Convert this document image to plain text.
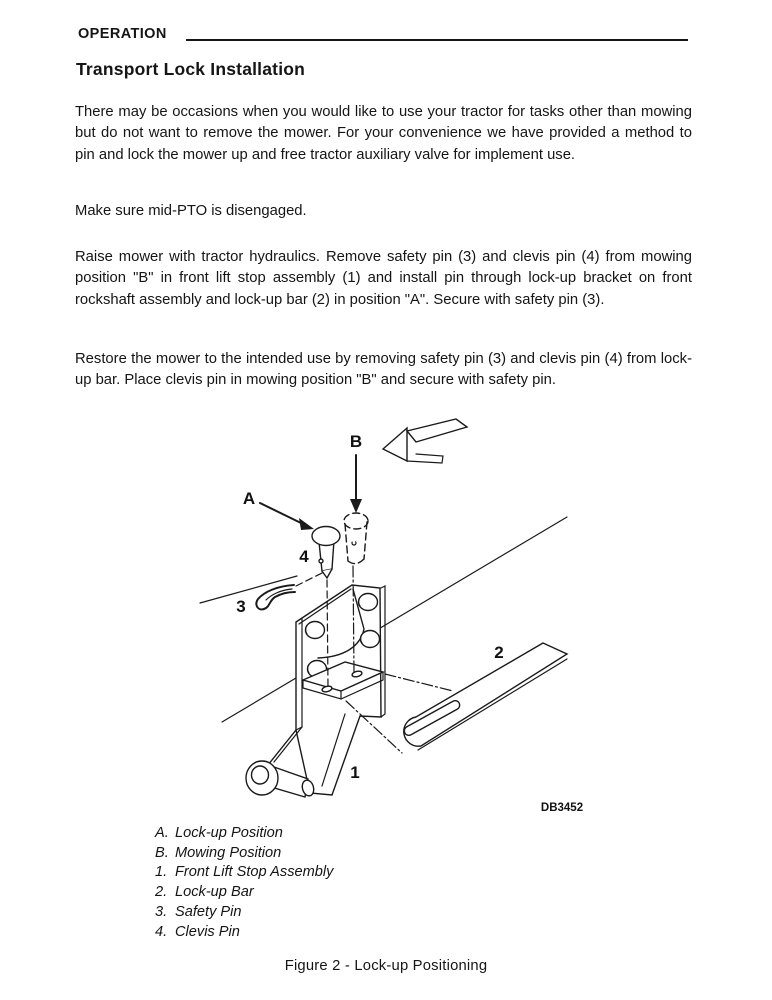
OPERATION
Transport Lock Installation

There may be occasions when you would like to use your tractor for tasks other than mowing but do not want to remove the mower. For your convenience we have provided a method to pin and lock the mower up and free tractor auxiliary valve for implement use.

Make sure mid-PTO is disengaged.

Raise mower with tractor hydraulics. Remove safety pin (3) and clevis pin (4) from mowing position "B" in front lift stop assembly (1) and install pin through lock-up bracket on front rockshaft assembly and lock-up bar (2) in position "A". Secure with safety pin (3).

Restore the mower to the intended use by removing safety pin (3) and clevis pin (4) from lock-up bar. Place clevis pin in mowing position "B" and secure with safety pin.

A
B
4
3
2
1
DB3452
A. Lock-up Position
B. Mowing Position
1. Front Lift Stop Assembly
2. Lock-up Bar
3. Safety Pin
4. Clevis Pin
Figure 2 - Lock-up Positioning
